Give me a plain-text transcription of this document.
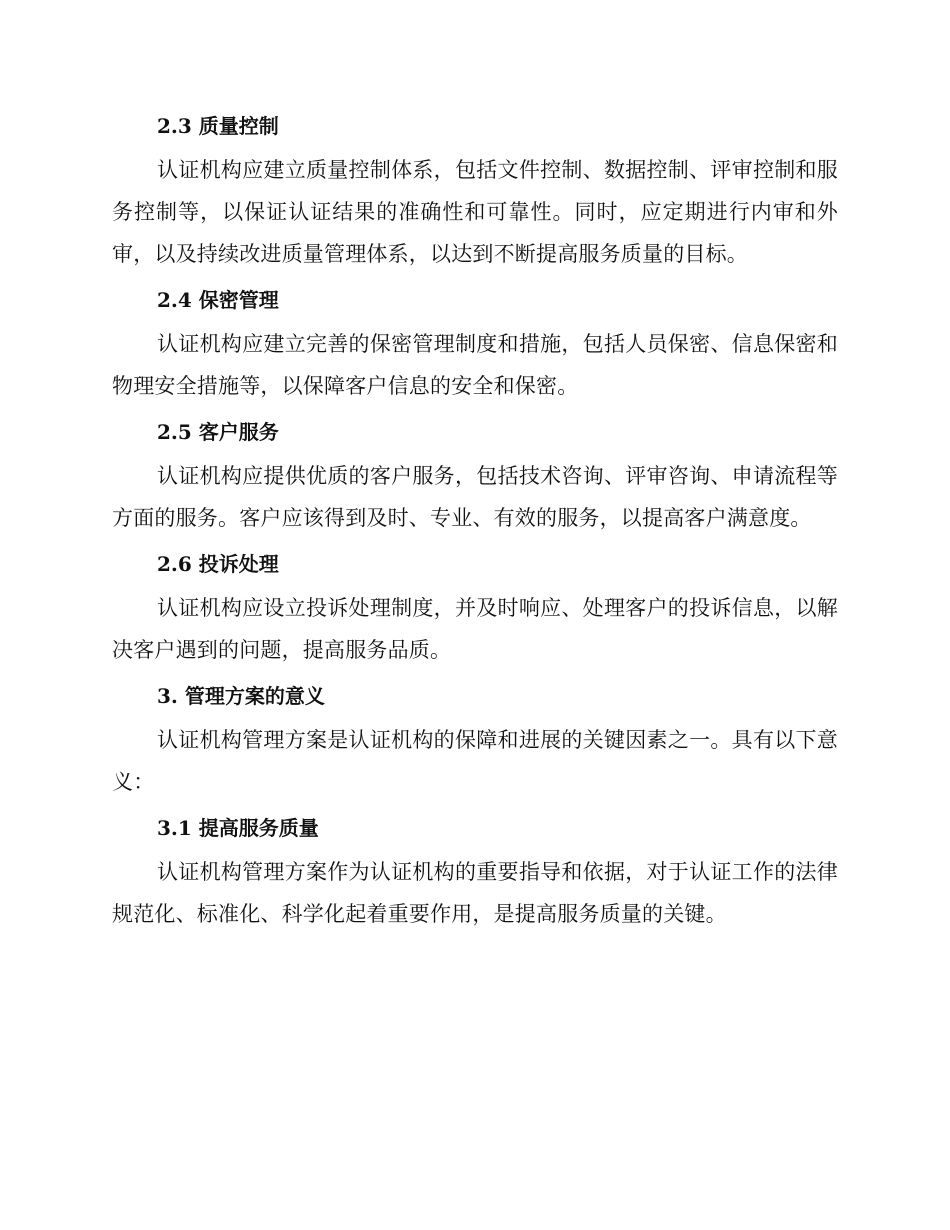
2.3 质量控制

认证机构应建立质量控制体系，包括文件控制、数据控制、评审控制和服务控制等，以保证认证结果的准确性和可靠性。同时，应定期进行内审和外审，以及持续改进质量管理体系，以达到不断提高服务质量的目标。

2.4 保密管理

认证机构应建立完善的保密管理制度和措施，包括人员保密、信息保密和物理安全措施等，以保障客户信息的安全和保密。

2.5 客户服务

认证机构应提供优质的客户服务，包括技术咨询、评审咨询、申请流程等方面的服务。客户应该得到及时、专业、有效的服务，以提高客户满意度。

2.6 投诉处理

认证机构应设立投诉处理制度，并及时响应、处理客户的投诉信息，以解决客户遇到的问题，提高服务品质。

3. 管理方案的意义

认证机构管理方案是认证机构的保障和进展的关键因素之一。具有以下意义：

3.1 提高服务质量

认证机构管理方案作为认证机构的重要指导和依据，对于认证工作的法律规范化、标准化、科学化起着重要作用，是提高服务质量的关键。
